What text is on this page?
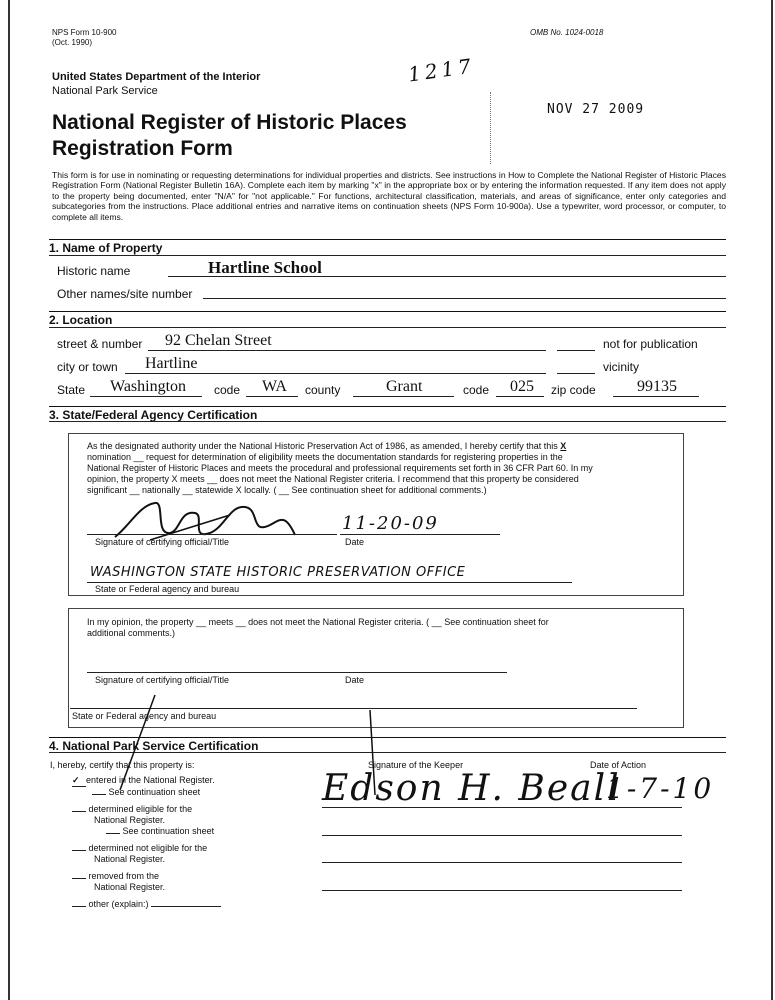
NPS Form 10-900
(Oct. 1990)
OMB No. 1024-0018
United States Department of the Interior
National Park Service
1217
National Register of Historic Places
Registration Form
NOV 27 2009
This form is for use in nominating or requesting determinations for individual properties and districts. See instructions in How to Complete the National Register of Historic Places Registration Form (National Register Bulletin 16A). Complete each item by marking "x" in the appropriate box or by entering the information requested. If any item does not apply to the property being documented, enter "N/A" for "not applicable." For functions, architectural classification, materials, and areas of significance, enter only categories and subcategories from the instructions. Place additional entries and narrative items on continuation sheets (NPS Form 10-900a). Use a typewriter, word processor, or computer, to complete all items.
1. Name of Property
Historic name	Hartline School
Other names/site number
2. Location
street & number 92 Chelan Street	not for publication
city or town Hartline	vicinity
State Washington code WA county	Grant	code 025 zip code	99135
3. State/Federal Agency Certification
As the designated authority under the National Historic Preservation Act of 1986, as amended, I hereby certify that this X
nomination __ request for determination of eligibility meets the documentation standards for registering properties in the
National Register of Historic Places and meets the procedural and professional requirements set forth in 36 CFR Part 60. In my
opinion, the property X meets __ does not meet the National Register criteria. I recommend that this property be considered
significant __ nationally __ statewide X locally. ( __ See continuation sheet for additional comments.)
11-20-09
Signature of certifying official/Title	Date
WASHINGTON STATE HISTORIC PRESERVATION OFFICE
State or Federal agency and bureau
In my opinion, the property __ meets __ does not meet the National Register criteria. ( __ See continuation sheet for
additional comments.)
Signature of certifying official/Title	Date
State or Federal agency and bureau
4. National Park Service Certification
I, hereby, certify that this property is:
✓ entered in the National Register.
See continuation sheet
determined eligible for the
National Register.
See continuation sheet
determined not eligible for the
National Register.
removed from the
National Register.
other (explain:)
Signature of the Keeper	Date of Action
Edson H. Beall
1-7-10
